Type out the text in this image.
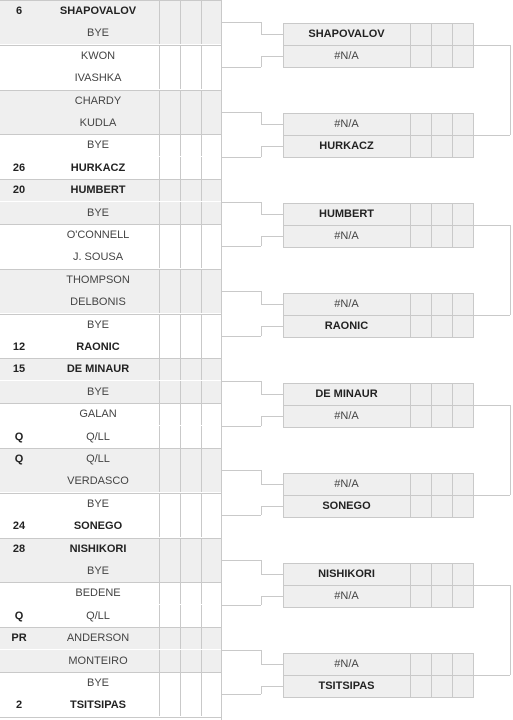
6	SHAPOVALOV
BYE
KWON
IVASHKA
CHARDY
KUDLA
BYE
26	HURKACZ
20	HUMBERT
BYE
O'CONNELL
J. SOUSA
THOMPSON
DELBONIS
BYE
12	RAONIC
15	DE MINAUR
BYE
GALAN
Q	Q/LL
Q	Q/LL
VERDASCO
BYE
24	SONEGO
28	NISHIKORI
BYE
BEDENE
Q	Q/LL
PR	ANDERSON
MONTEIRO
BYE
2	TSITSIPAS
SHAPOVALOV
#N/A
#N/A
HURKACZ
HUMBERT
#N/A
#N/A
RAONIC
DE MINAUR
#N/A
#N/A
SONEGO
NISHIKORI
#N/A
#N/A
TSITSIPAS
